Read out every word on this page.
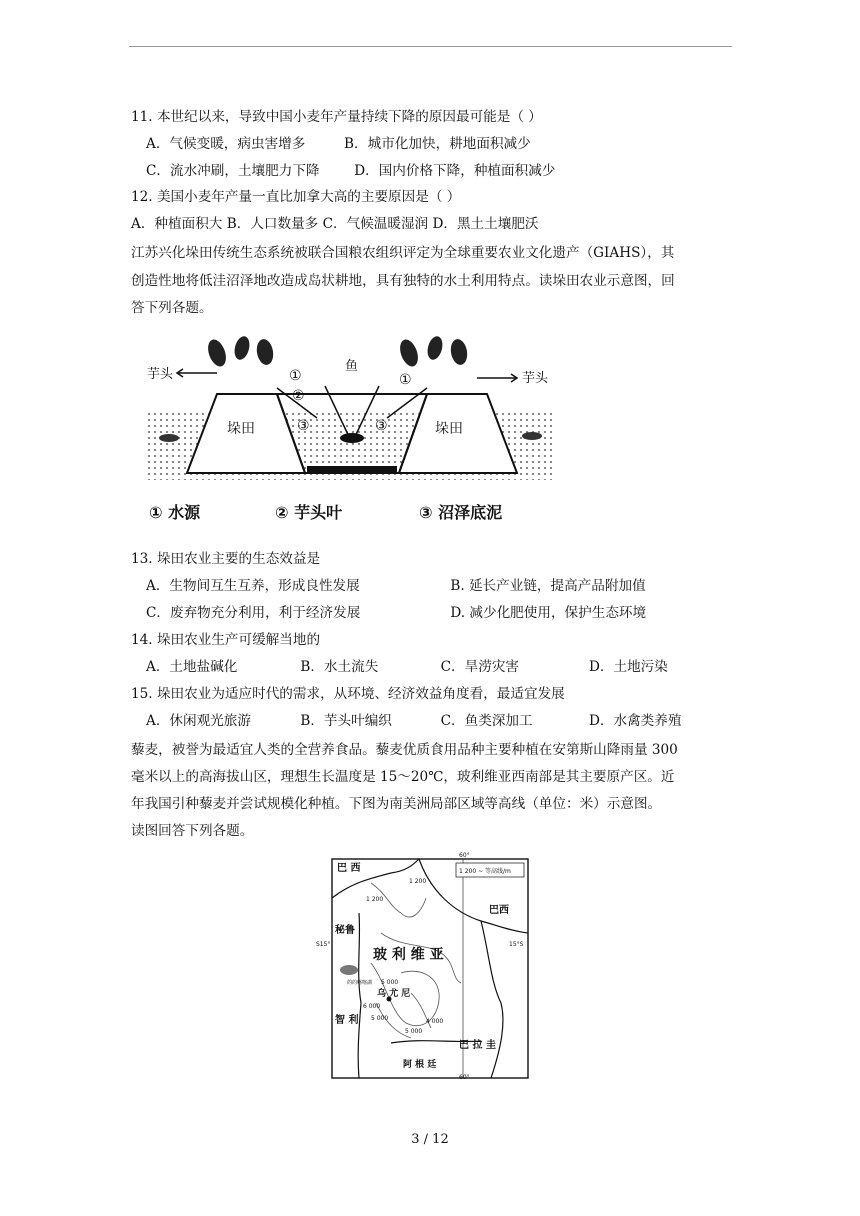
11. 本世纪以来，导致中国小麦年产量持续下降的原因最可能是（ ）
A．气候变暖，病虫害增多	B．城市化加快，耕地面积减少
C．流水冲刷，土壤肥力下降	D．国内价格下降，种植面积减少
12. 美国小麦年产量一直比加拿大高的主要原因是（ ）
A．种植面积大 B．人口数量多 C．气候温暖湿润 D．黑土土壤肥沃
江苏兴化垛田传统生态系统被联合国粮农组织评定为全球重要农业文化遗产（GIAHS），其
创造性地将低洼沼泽地改造成岛状耕地，具有独特的水土利用特点。读垛田农业示意图，回
答下列各题。
芋头	芋头
鱼
垛田	垛田
①
②
③
①
③
① 水源	② 芋头叶	③ 沼泽底泥
13. 垛田农业主要的生态效益是
A．生物间互生互养，形成良性发展	B. 延长产业链，提高产品附加值
C．废弃物充分利用，利于经济发展	D. 减少化肥使用，保护生态环境
14. 垛田农业生产可缓解当地的
A．土地盐碱化	B．水土流失	C．旱涝灾害	D．土地污染
15. 垛田农业为适应时代的需求，从环境、经济效益角度看，最适宜发展
A．休闲观光旅游	B．芋头叶编织	C．鱼类深加工	D．水禽类养殖
藜麦，被誉为最适宜人类的全营养食品。藜麦优质食用品种主要种植在安第斯山降雨量 300
毫米以上的高海拔山区，理想生长温度是 15～20℃，玻利维亚西南部是其主要原产区。近
年我国引种藜麦并尝试规模化种植。下图为南美洲局部区域等高线（单位：米）示意图。
读图回答下列各题。
1 200 ~ 等高线/m
巴 西
巴西
秘鲁
玻 利 维 亚
智 利
巴 拉 圭
阿 根 廷
乌 尤 尼
的的喀喀湖
60°
60°
S15°	15°S
1 200
1 200
5 000
5 000
5 000
6 000
4 000
3 / 12
